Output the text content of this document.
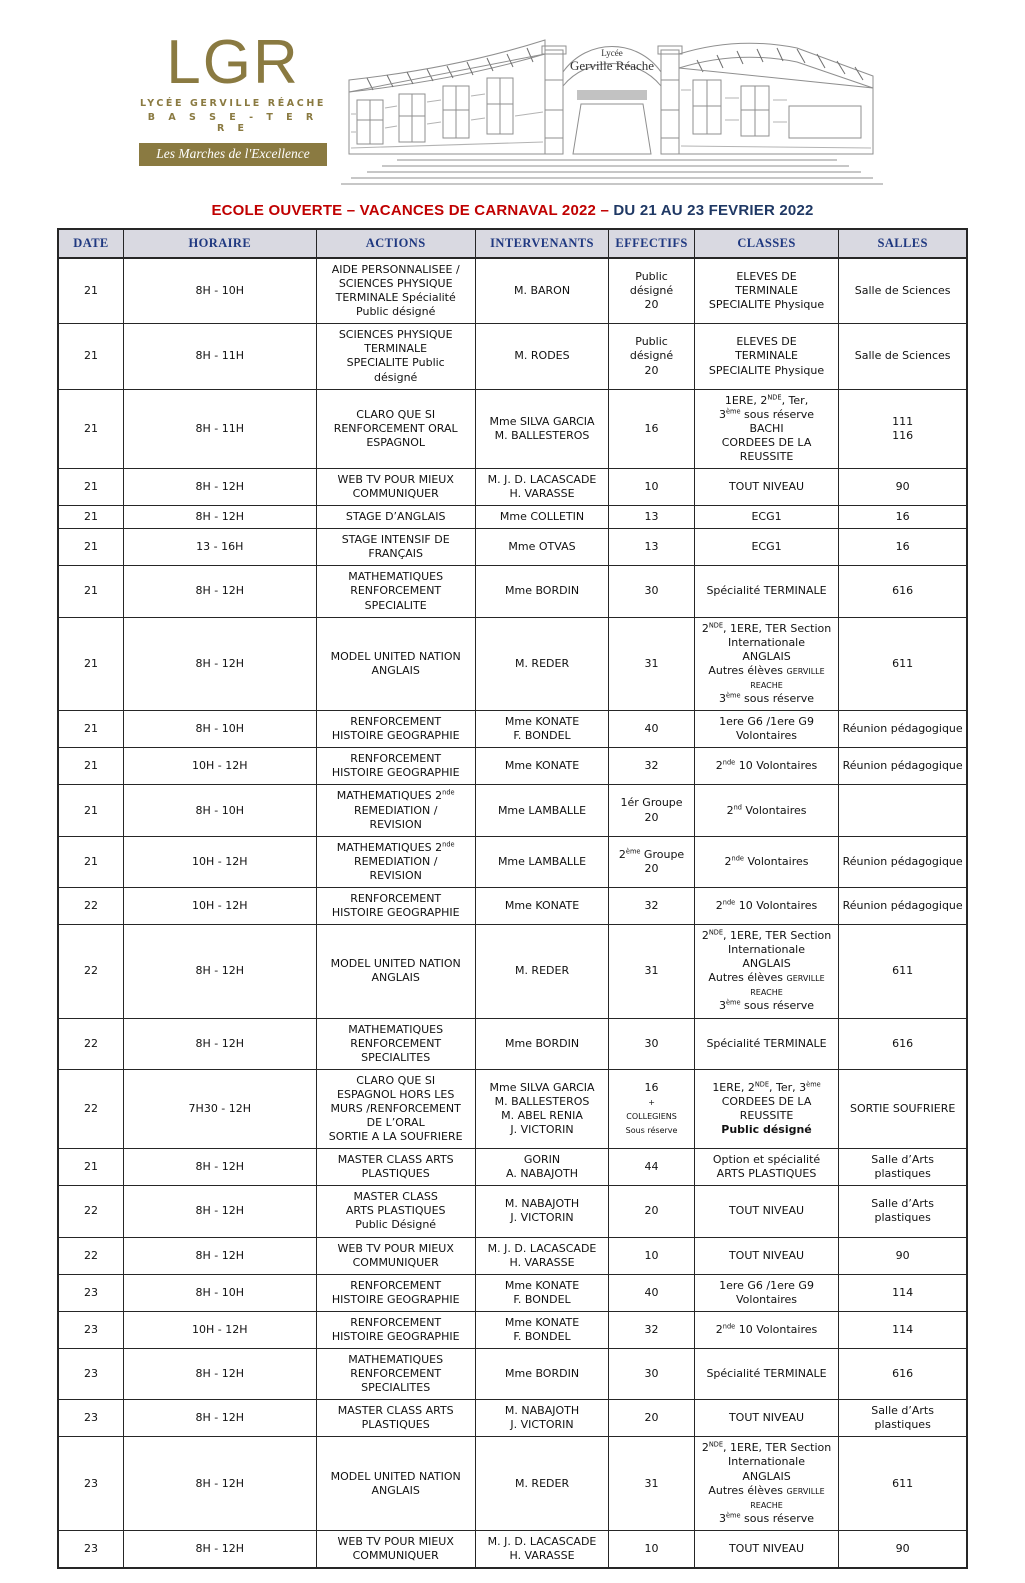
LGR
LYCÉE GERVILLE RÉACHE
B A S S E - T E R R E
Les Marches de l'Excellence
Lycée
Gerville Réache
ECOLE OUVERTE – VACANCES DE CARNAVAL 2022 – DU 21 AU 23 FEVRIER 2022
DATE	HORAIRE	ACTIONS	INTERVENANTS	EFFECTIFS	CLASSES	SALLES
21	8H - 10H	AIDE PERSONNALISEE /
SCIENCES PHYSIQUE
TERMINALE Spécialité
Public désigné	M. BARON	Public désigné
20	ELEVES DE
TERMINALE
SPECIALITE Physique	Salle de Sciences
21	8H - 11H	SCIENCES PHYSIQUE
TERMINALE
SPECIALITE Public
désigné	M. RODES	Public désigné
20	ELEVES DE
TERMINALE
SPECIALITE Physique	Salle de Sciences
21	8H - 11H	CLARO QUE SI
RENFORCEMENT ORAL
ESPAGNOL	Mme SILVA GARCIA
M. BALLESTEROS	16	1ERE, 2NDE, Ter,
3ème sous réserve
BACHI
CORDEES DE LA
REUSSITE	111
116
21	8H - 12H	WEB TV POUR MIEUX
COMMUNIQUER	M. J. D. LACASCADE
H. VARASSE	10	TOUT NIVEAU	90
21	8H - 12H	STAGE D’ANGLAIS	Mme COLLETIN	13	ECG1	16
21	13 - 16H	STAGE INTENSIF DE
FRANÇAIS	Mme OTVAS	13	ECG1	16
21	8H - 12H	MATHEMATIQUES
RENFORCEMENT
SPECIALITE	Mme BORDIN	30	Spécialité TERMINALE	616
21	8H - 12H	MODEL UNITED NATION
ANGLAIS	M. REDER	31	2NDE, 1ERE, TER Section
Internationale
ANGLAIS
Autres élèves GERVILLE
REACHE
3ème sous réserve	611
21	8H - 10H	RENFORCEMENT
HISTOIRE GEOGRAPHIE	Mme KONATE
F. BONDEL	40	1ere G6 /1ere G9
Volontaires	Réunion pédagogique
21	10H - 12H	RENFORCEMENT
HISTOIRE GEOGRAPHIE	Mme KONATE	32	2nde 10 Volontaires	Réunion pédagogique
21	8H - 10H	MATHEMATIQUES 2nde
REMEDIATION /
REVISION	Mme LAMBALLE	1ér Groupe
20	2nd Volontaires	
21	10H - 12H	MATHEMATIQUES 2nde
REMEDIATION /
REVISION	Mme LAMBALLE	2ème Groupe
20	2nde Volontaires	Réunion pédagogique
22	10H - 12H	RENFORCEMENT
HISTOIRE GEOGRAPHIE	Mme KONATE	32	2nde 10 Volontaires	Réunion pédagogique
22	8H - 12H	MODEL UNITED NATION
ANGLAIS	M. REDER	31	2NDE, 1ERE, TER Section
Internationale
ANGLAIS
Autres élèves GERVILLE
REACHE
3ème sous réserve	611
22	8H - 12H	MATHEMATIQUES
RENFORCEMENT
SPECIALITES	Mme BORDIN	30	Spécialité TERMINALE	616
22	7H30 - 12H	CLARO QUE SI
ESPAGNOL HORS LES
MURS /RENFORCEMENT
DE L’ORAL
SORTIE A LA SOUFRIERE	Mme SILVA GARCIA
M. BALLESTEROS
M. ABEL RENIA
J. VICTORIN	16
+
COLLEGIENS
Sous réserve	1ERE, 2NDE, Ter, 3ème
CORDEES DE LA
REUSSITE
Public désigné	SORTIE SOUFRIERE
21	8H - 12H	MASTER CLASS ARTS
PLASTIQUES	GORIN
A. NABAJOTH	44	Option et spécialité
ARTS PLASTIQUES	Salle d’Arts plastiques
22	8H - 12H	MASTER CLASS
ARTS PLASTIQUES
Public Désigné	M. NABAJOTH
J. VICTORIN	20	TOUT NIVEAU	Salle d’Arts plastiques
22	8H - 12H	WEB TV POUR MIEUX
COMMUNIQUER	M. J. D. LACASCADE
H. VARASSE	10	TOUT NIVEAU	90
23	8H - 10H	RENFORCEMENT
HISTOIRE GEOGRAPHIE	Mme KONATE
F. BONDEL	40	1ere G6 /1ere G9
Volontaires	114
23	10H - 12H	RENFORCEMENT
HISTOIRE GEOGRAPHIE	Mme KONATE
F. BONDEL	32	2nde 10 Volontaires	114
23	8H - 12H	MATHEMATIQUES
RENFORCEMENT
SPECIALITES	Mme BORDIN	30	Spécialité TERMINALE	616
23	8H - 12H	MASTER CLASS ARTS
PLASTIQUES	M. NABAJOTH
J. VICTORIN	20	TOUT NIVEAU	Salle d’Arts plastiques
23	8H - 12H	MODEL UNITED NATION
ANGLAIS	M. REDER	31	2NDE, 1ERE, TER Section
Internationale
ANGLAIS
Autres élèves GERVILLE
REACHE
3ème sous réserve	611
23	8H - 12H	WEB TV POUR MIEUX
COMMUNIQUER	M. J. D. LACASCADE
H. VARASSE	10	TOUT NIVEAU	90
